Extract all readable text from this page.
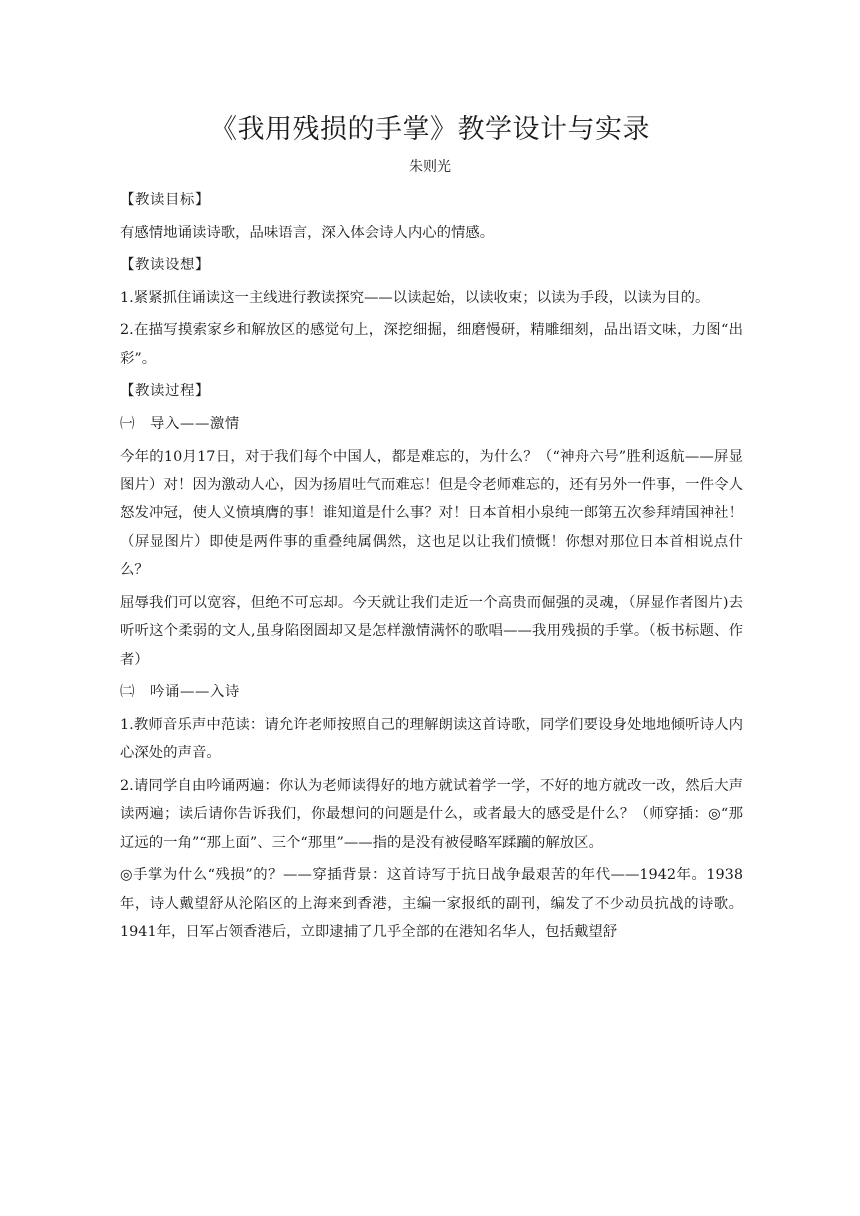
《我用残损的手掌》教学设计与实录
朱则光

【教读目标】

有感情地诵读诗歌，品味语言，深入体会诗人内心的情感。

【教读设想】

1.紧紧抓住诵读这一主线进行教读探究——以读起始，以读收束；以读为手段，以读为目的。

2.在描写摸索家乡和解放区的感觉句上，深挖细掘，细磨慢研，精雕细刻，品出语文味，力图“出彩”。

【教读过程】

㈠　导入——激情

今年的10月17日，对于我们每个中国人，都是难忘的，为什么？（“神舟六号”胜利返航——屏显图片）对！因为激动人心，因为扬眉吐气而难忘！但是令老师难忘的，还有另外一件事，一件令人怒发冲冠，使人义愤填膺的事！谁知道是什么事？对！日本首相小泉纯一郎第五次参拜靖国神社！（屏显图片）即使是两件事的重叠纯属偶然，这也足以让我们愤慨！你想对那位日本首相说点什么？

屈辱我们可以宽容，但绝不可忘却。今天就让我们走近一个高贵而倔强的灵魂，（屏显作者图片)去听听这个柔弱的文人,虽身陷囹圄却又是怎样激情满怀的歌唱——我用残损的手掌。（板书标题、作者）

㈡　吟诵——入诗

1.教师音乐声中范读：请允许老师按照自己的理解朗读这首诗歌，同学们要设身处地地倾听诗人内心深处的声音。

2.请同学自由吟诵两遍：你认为老师读得好的地方就试着学一学，不好的地方就改一改，然后大声读两遍；读后请你告诉我们，你最想问的问题是什么，或者最大的感受是什么？（师穿插：◎“那辽远的一角”“那上面”、三个“那里”——指的是没有被侵略军蹂躏的解放区。

◎手掌为什么“残损”的？——穿插背景：这首诗写于抗日战争最艰苦的年代——1942年。1938年，诗人戴望舒从沦陷区的上海来到香港，主编一家报纸的副刊，编发了不少动员抗战的诗歌。1941年，日军占领香港后，立即逮捕了几乎全部的在港知名华人，包括戴望舒
